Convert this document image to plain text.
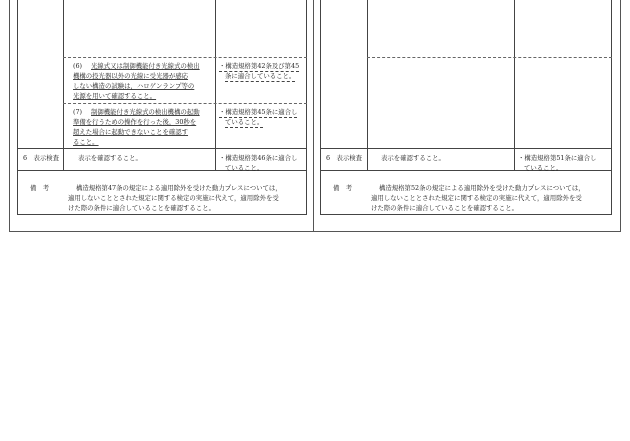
(6) 光線式又は制御機能付き光線式の検出
機構の投光器以外の光線に受光器が感応
しない構造の試験は，ハロゲンランプ等の
光源を用いて確認すること。
・構造規格第42条及び第45
条に適合していること。
(7) 制御機能付き光線式の検出機構の起動
準備を行うための操作を行った後，30秒を
超えた場合に起動できないことを確認す
ること。
・構造規格第45条に適合し
ていること。
6　表示検査	表示を確認すること。	・構造規格第46条に適合し
ていること。
備　考	構造規格第47条の規定による適用除外を受けた動力プレスについては，
適用しないこととされた規定に関する検定の実施に代えて，適用除外を受
けた際の条件に適合していることを確認すること。
6　表示検査	表示を確認すること。	・構造規格第51条に適合し
ていること。
備　考	構造規格第52条の規定による適用除外を受けた動力プレスについては，
適用しないこととされた規定に関する検定の実施に代えて，適用除外を受
けた際の条件に適合していることを確認すること。
